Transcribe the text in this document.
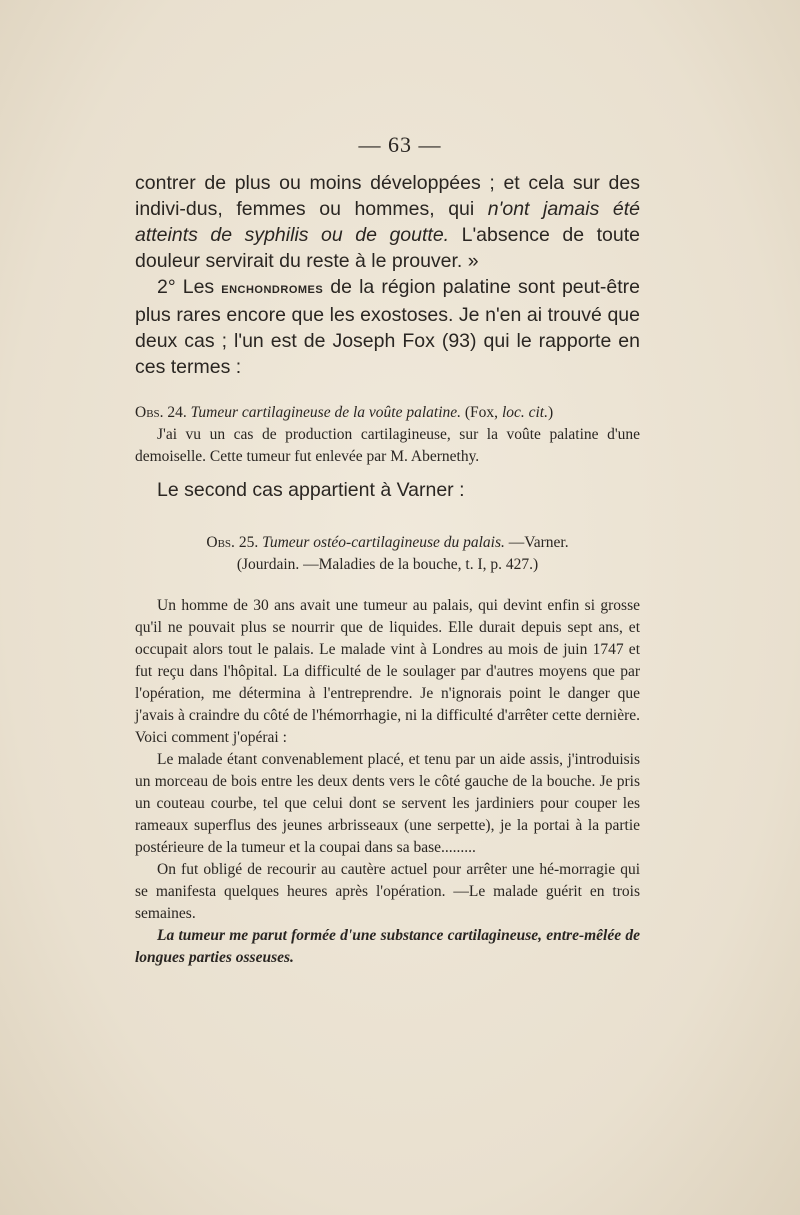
— 63 —

contrer de plus ou moins développées ; et cela sur des indivi-dus, femmes ou hommes, qui n'ont jamais été atteints de syphilis ou de goutte. L'absence de toute douleur servirait du reste à le prouver. »

2° Les enchondromes de la région palatine sont peut-être plus rares encore que les exostoses. Je n'en ai trouvé que deux cas ; l'un est de Joseph Fox (93) qui le rapporte en ces termes :

Obs. 24. Tumeur cartilagineuse de la voûte palatine. (Fox, loc. cit.)

J'ai vu un cas de production cartilagineuse, sur la voûte palatine d'une demoiselle. Cette tumeur fut enlevée par M. Abernethy.

Le second cas appartient à Varner :

Obs. 25. Tumeur ostéo-cartilagineuse du palais. —Varner.

(Jourdain. —Maladies de la bouche, t. I, p. 427.)

Un homme de 30 ans avait une tumeur au palais, qui devint enfin si grosse qu'il ne pouvait plus se nourrir que de liquides. Elle durait depuis sept ans, et occupait alors tout le palais. Le malade vint à Londres au mois de juin 1747 et fut reçu dans l'hôpital. La difficulté de le soulager par d'autres moyens que par l'opération, me détermina à l'entreprendre. Je n'ignorais point le danger que j'avais à craindre du côté de l'hémorrhagie, ni la difficulté d'arrêter cette dernière. Voici comment j'opérai :

Le malade étant convenablement placé, et tenu par un aide assis, j'introduisis un morceau de bois entre les deux dents vers le côté gauche de la bouche. Je pris un couteau courbe, tel que celui dont se servent les jardiniers pour couper les rameaux superflus des jeunes arbrisseaux (une serpette), je la portai à la partie postérieure de la tumeur et la coupai dans sa base.........

On fut obligé de recourir au cautère actuel pour arrêter une hé-morragie qui se manifesta quelques heures après l'opération. —Le malade guérit en trois semaines.

La tumeur me parut formée d'une substance cartilagineuse, entre-mêlée de longues parties osseuses.
